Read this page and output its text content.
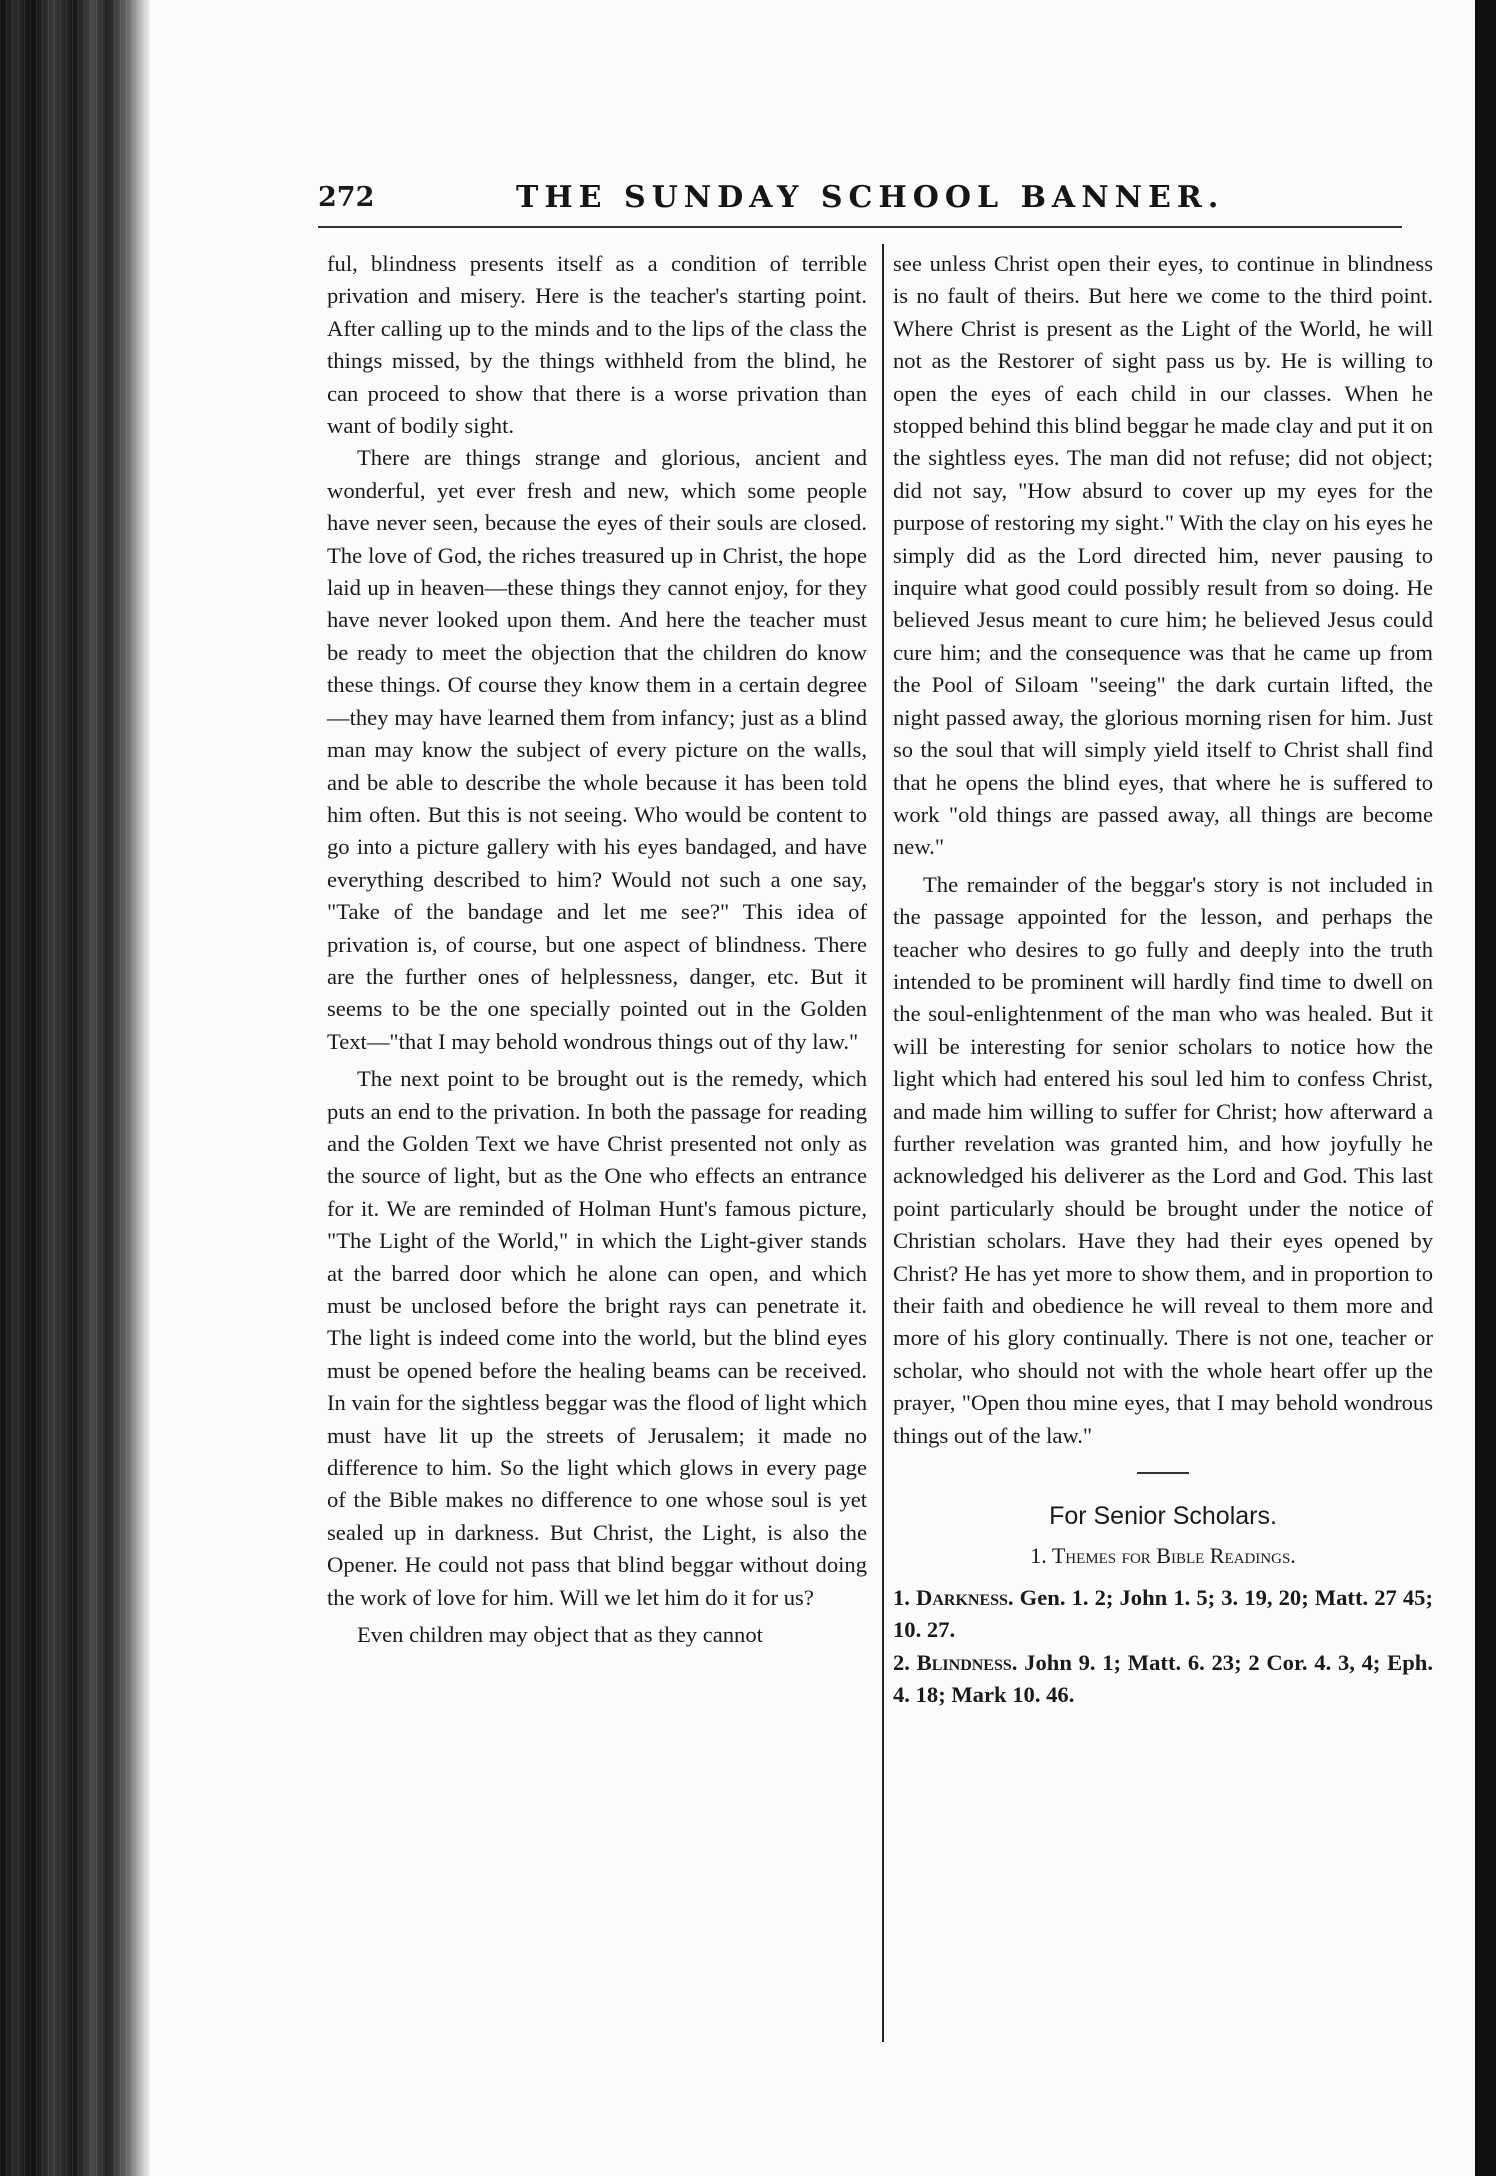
272	THE SUNDAY SCHOOL BANNER.

ful, blindness presents itself as a condition of terrible privation and misery. Here is the teacher's starting point. After calling up to the minds and to the lips of the class the things missed, by the things withheld from the blind, he can proceed to show that there is a worse privation than want of bodily sight.

There are things strange and glorious, ancient and wonderful, yet ever fresh and new, which some people have never seen, because the eyes of their souls are closed. The love of God, the riches treasured up in Christ, the hope laid up in heaven—these things they cannot enjoy, for they have never looked upon them. And here the teacher must be ready to meet the objection that the children do know these things. Of course they know them in a certain degree—they may have learned them from infancy; just as a blind man may know the subject of every picture on the walls, and be able to describe the whole because it has been told him often. But this is not seeing. Who would be content to go into a picture gallery with his eyes bandaged, and have everything described to him? Would not such a one say, "Take of the bandage and let me see?" This idea of privation is, of course, but one aspect of blindness. There are the further ones of helplessness, danger, etc. But it seems to be the one specially pointed out in the Golden Text—"that I may behold wondrous things out of thy law."

The next point to be brought out is the remedy, which puts an end to the privation. In both the passage for reading and the Golden Text we have Christ presented not only as the source of light, but as the One who effects an entrance for it. We are reminded of Holman Hunt's famous picture, "The Light of the World," in which the Light-giver stands at the barred door which he alone can open, and which must be unclosed before the bright rays can penetrate it. The light is indeed come into the world, but the blind eyes must be opened before the healing beams can be received. In vain for the sightless beggar was the flood of light which must have lit up the streets of Jerusalem; it made no difference to him. So the light which glows in every page of the Bible makes no difference to one whose soul is yet sealed up in darkness. But Christ, the Light, is also the Opener. He could not pass that blind beggar without doing the work of love for him. Will we let him do it for us?

Even children may object that as they cannot

see unless Christ open their eyes, to continue in blindness is no fault of theirs. But here we come to the third point. Where Christ is present as the Light of the World, he will not as the Restorer of sight pass us by. He is willing to open the eyes of each child in our classes. When he stopped behind this blind beggar he made clay and put it on the sightless eyes. The man did not refuse; did not object; did not say, "How absurd to cover up my eyes for the purpose of restoring my sight." With the clay on his eyes he simply did as the Lord directed him, never pausing to inquire what good could possibly result from so doing. He believed Jesus meant to cure him; he believed Jesus could cure him; and the consequence was that he came up from the Pool of Siloam "seeing" the dark curtain lifted, the night passed away, the glorious morning risen for him. Just so the soul that will simply yield itself to Christ shall find that he opens the blind eyes, that where he is suffered to work "old things are passed away, all things are become new."

The remainder of the beggar's story is not included in the passage appointed for the lesson, and perhaps the teacher who desires to go fully and deeply into the truth intended to be prominent will hardly find time to dwell on the soul-enlightenment of the man who was healed. But it will be interesting for senior scholars to notice how the light which had entered his soul led him to confess Christ, and made him willing to suffer for Christ; how afterward a further revelation was granted him, and how joyfully he acknowledged his deliverer as the Lord and God. This last point particularly should be brought under the notice of Christian scholars. Have they had their eyes opened by Christ? He has yet more to show them, and in proportion to their faith and obedience he will reveal to them more and more of his glory continually. There is not one, teacher or scholar, who should not with the whole heart offer up the prayer, "Open thou mine eyes, that I may behold wondrous things out of the law."

For Senior Scholars.
1. Themes for Bible Readings.

1. Darkness. Gen. 1. 2; John 1. 5; 3. 19, 20; Matt. 27 45; 10. 27.

2. Blindness. John 9. 1; Matt. 6. 23; 2 Cor. 4. 3, 4; Eph. 4. 18; Mark 10. 46.
